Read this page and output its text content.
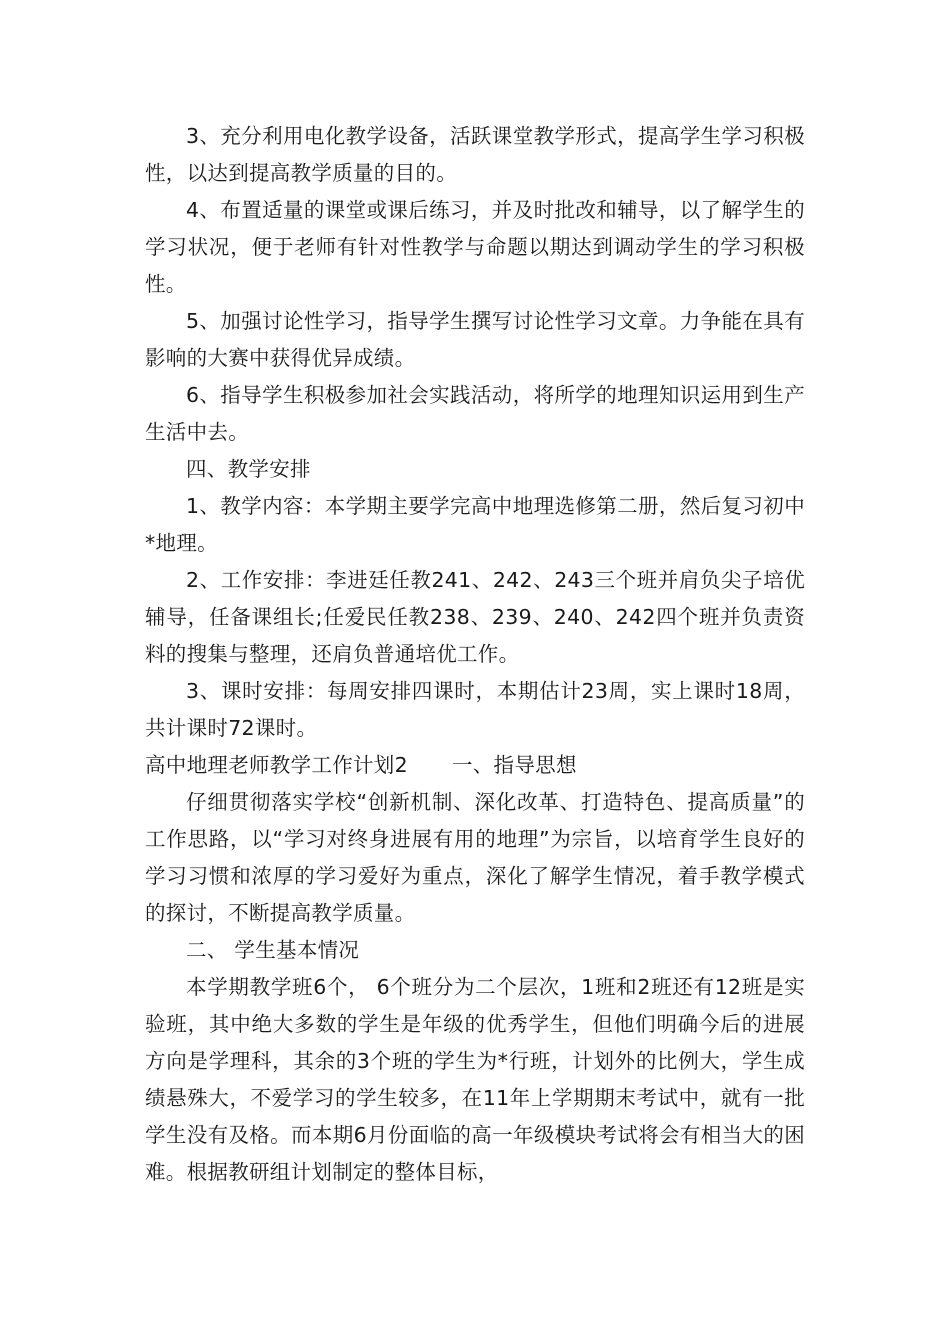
3、充分利用电化教学设备，活跃课堂教学形式，提高学生学习积极性，以达到提高教学质量的目的。

4、布置适量的课堂或课后练习，并及时批改和辅导，以了解学生的学习状况，便于老师有针对性教学与命题以期达到调动学生的学习积极性。

5、加强讨论性学习，指导学生撰写讨论性学习文章。力争能在具有影响的大赛中获得优异成绩。

6、指导学生积极参加社会实践活动，将所学的地理知识运用到生产生活中去。

四、教学安排

1、教学内容：本学期主要学完高中地理选修第二册，然后复习初中*地理。

2、工作安排：李进廷任教241、242、243三个班并肩负尖子培优辅导，任备课组长;任爱民任教238、239、240、242四个班并负责资料的搜集与整理，还肩负普通培优工作。

3、课时安排：每周安排四课时，本期估计23周，实上课时18周，共计课时72课时。

高中地理老师教学工作计划2 一、指导思想

仔细贯彻落实学校“创新机制、深化改革、打造特色、提高质量”的工作思路，以“学习对终身进展有用的地理”为宗旨，以培育学生良好的学习习惯和浓厚的学习爱好为重点，深化了解学生情况，着手教学模式的探讨，不断提高教学质量。

二、 学生基本情况

本学期教学班6个， 6个班分为二个层次，1班和2班还有12班是实验班，其中绝大多数的学生是年级的优秀学生，但他们明确今后的进展方向是学理科，其余的3个班的学生为*行班，计划外的比例大，学生成绩悬殊大，不爱学习的学生较多，在11年上学期期末考试中，就有一批学生没有及格。而本期6月份面临的高一年级模块考试将会有相当大的困难。根据教研组计划制定的整体目标，
